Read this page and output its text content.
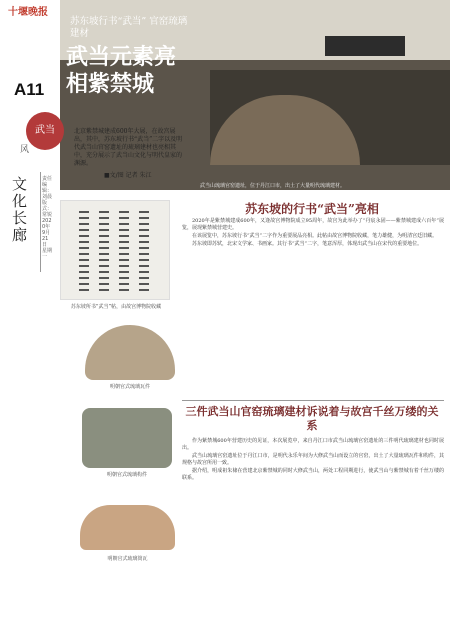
十堰晚报
苏东坡行书“武当” 官窑琉璃建材
武当元素亮相紫禁城
武当山琉璃官窑遗址，位于丹江口市，出土了大量明代琉璃建材。
A11
武当
风
北京紫禁城建成600年大展，在故宫展出，其中，苏东坡行书“武当”二字以及明代武当山官窑遗址的琉璃建材也亮相其中，充分展示了武当山文化与明代皇家的渊源。
■文/图 记者 朱江
文化长廊
责任编辑：刘晨 版式：常锐 2020年9月21日 星期一
苏东坡所书“武当”帖，由故宫博物院收藏
明朝官式琉璃瓦件
明朝官式琉璃构件
明朝官式琉璃筒瓦
苏东坡的行书“武当”亮相

2020年是紫禁城建成600年，又逢故宫博物院成立95周年，故宫为此举办了“丹宸永固——紫禁城建成六百年”展览，展现紫禁城营建史。

在该展览中，苏东坡行书“武当”二字作为重要展品亮相。此帖由故宫博物院收藏，笔力雄健，为明清宫廷旧藏。

苏东坡即苏轼，北宋文学家、书画家。其行书“武当”二字，笔意浑厚，体现出武当山在宋代的重要地位。

三件武当山官窑琉璃建材诉说着与故宫千丝万缕的关系

作为紫禁城600年营建历史的见证，本次展览中，来自丹江口市武当山琉璃官窑遗址的三件明代琉璃建材也同时展出。

武当山琉璃官窑遗址位于丹江口市，是明代永乐年间为大修武当山而设立的官窑，出土了大量琉璃瓦件和构件，其规格与故宫所用一致。

据介绍，明成祖朱棣在营建北京紫禁城的同时大修武当山，两处工程同期进行，使武当山与紫禁城有着千丝万缕的联系。
